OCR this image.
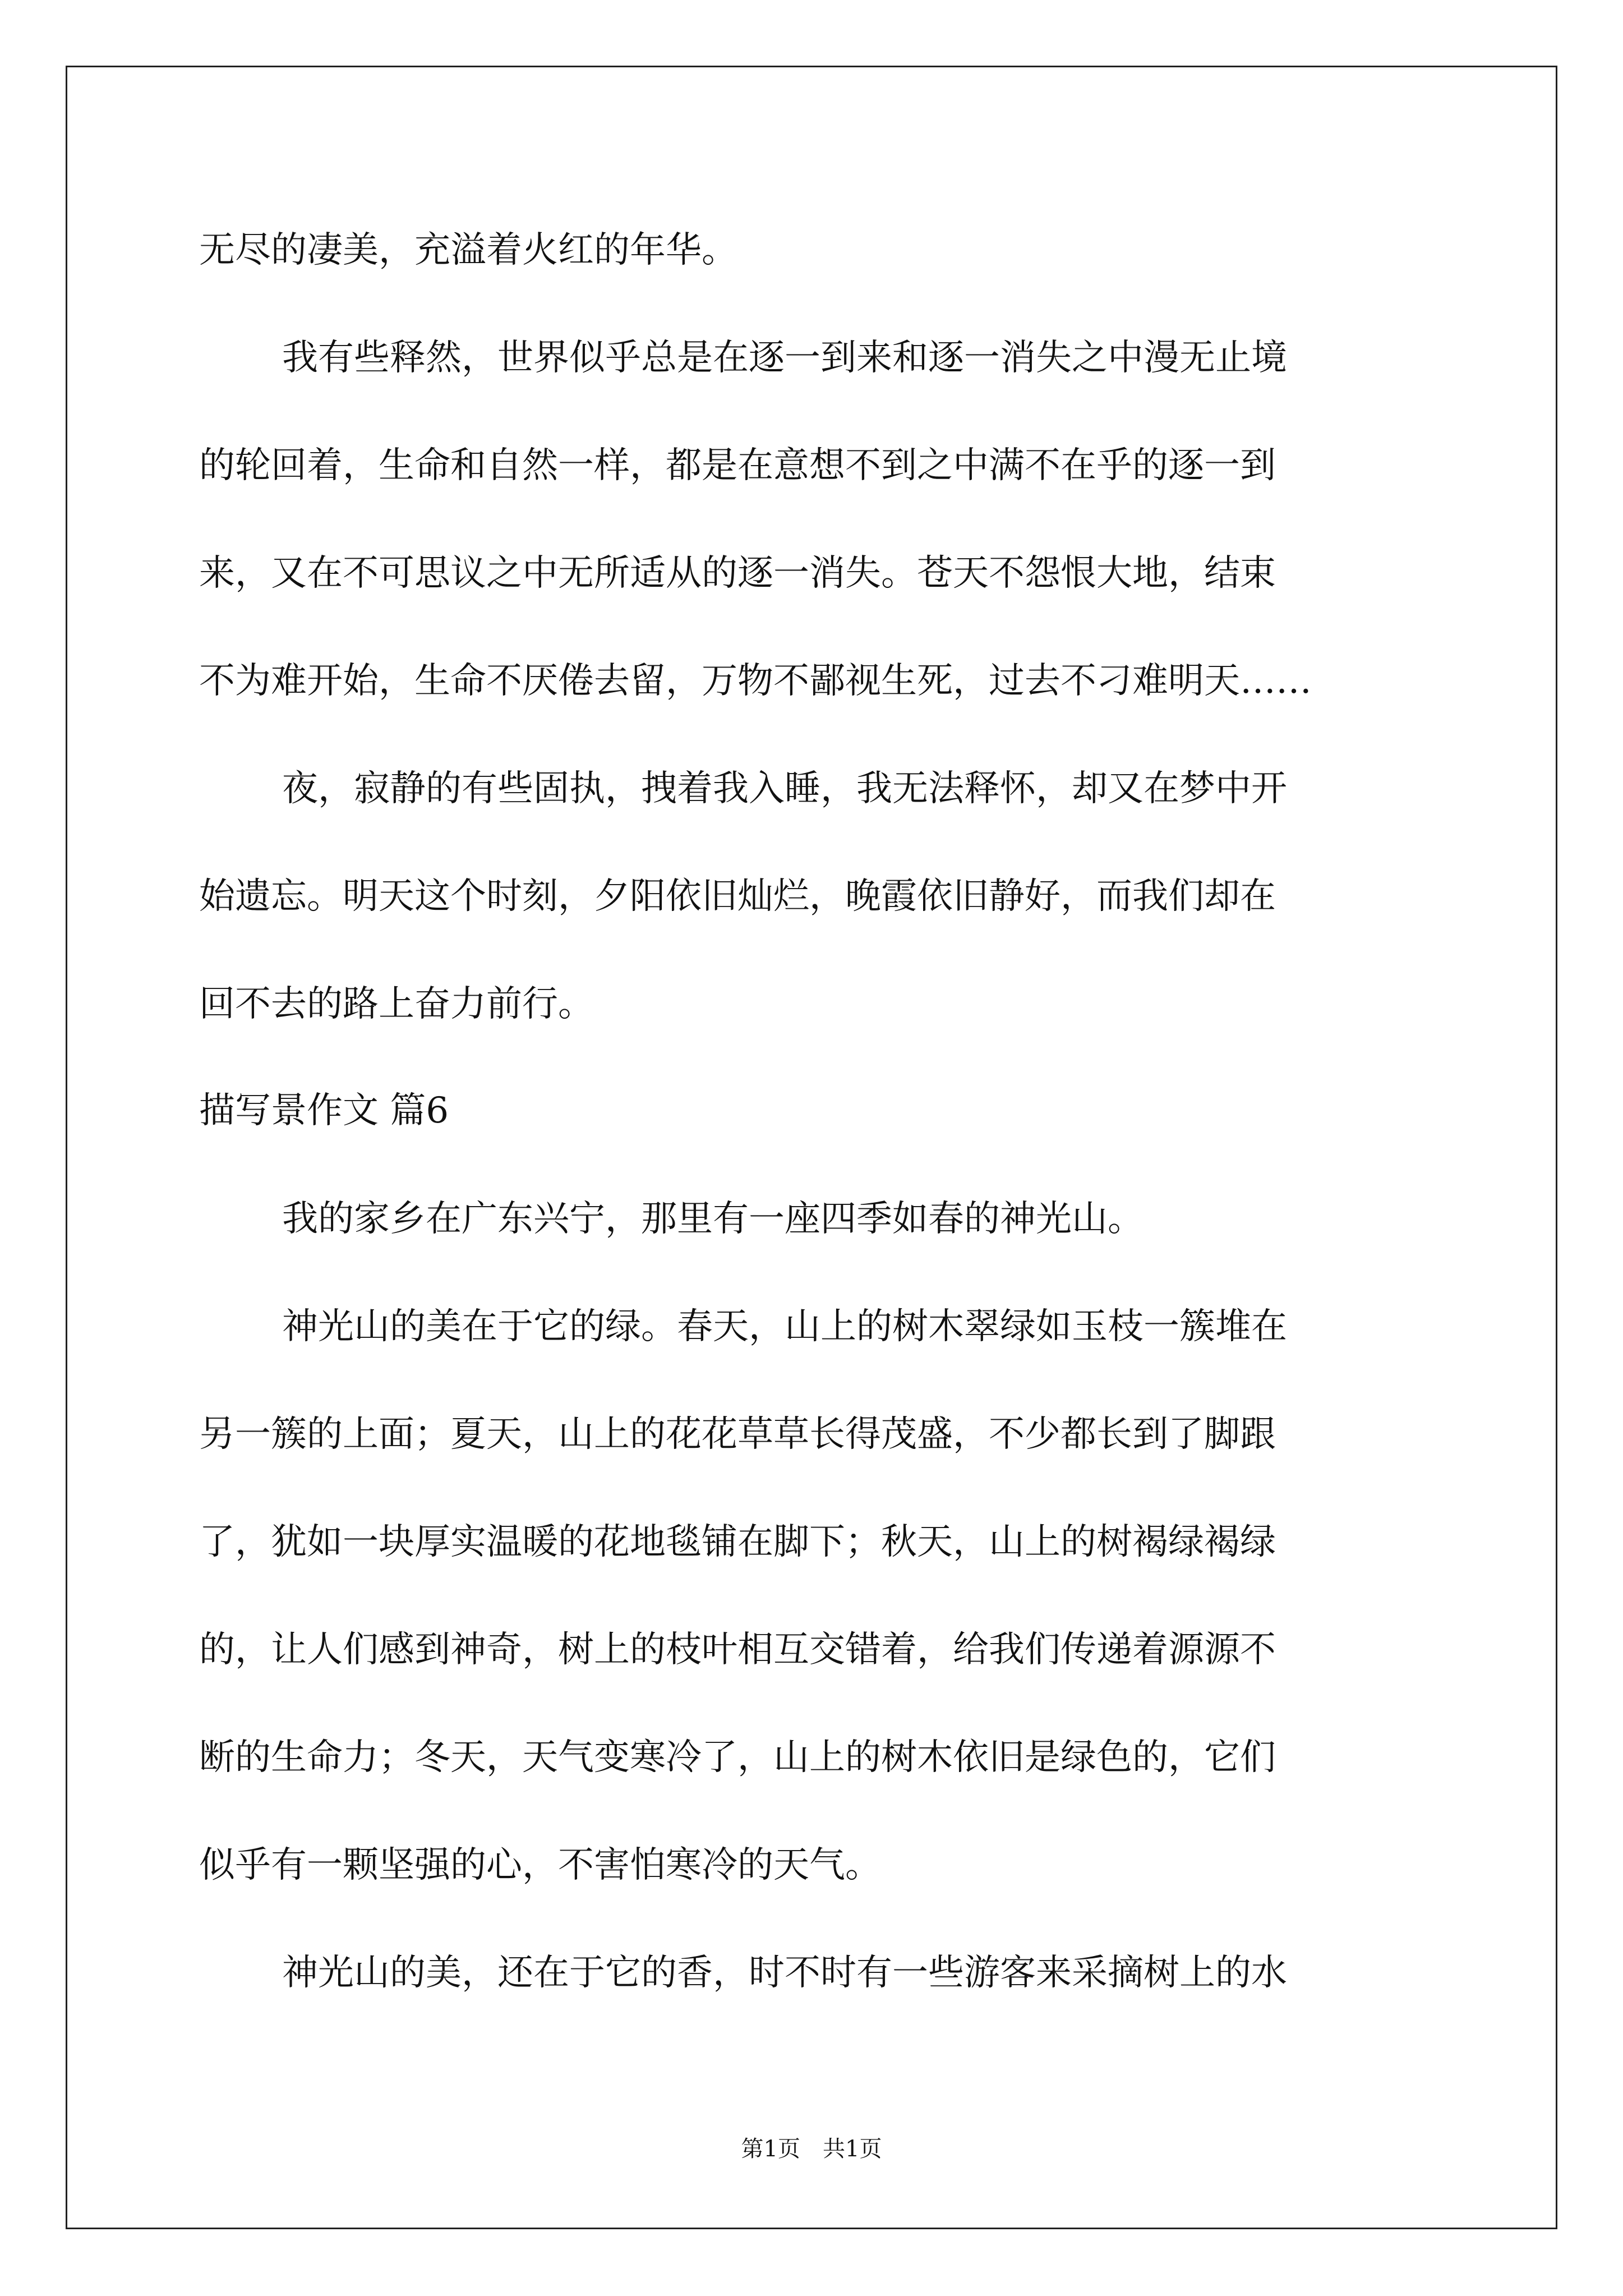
无尽的凄美，充溢着火红的年华。
我有些释然，世界似乎总是在逐一到来和逐一消失之中漫无止境
的轮回着，生命和自然一样，都是在意想不到之中满不在乎的逐一到
来，又在不可思议之中无所适从的逐一消失。苍天不怨恨大地，结束
不为难开始，生命不厌倦去留，万物不鄙视生死，过去不刁难明天……
夜，寂静的有些固执，拽着我入睡，我无法释怀，却又在梦中开
始遗忘。明天这个时刻，夕阳依旧灿烂，晚霞依旧静好，而我们却在
回不去的路上奋力前行。
描写景作文 篇6
我的家乡在广东兴宁，那里有一座四季如春的神光山。
神光山的美在于它的绿。春天，山上的树木翠绿如玉枝一簇堆在
另一簇的上面；夏天，山上的花花草草长得茂盛，不少都长到了脚跟
了，犹如一块厚实温暖的花地毯铺在脚下；秋天，山上的树褐绿褐绿
的，让人们感到神奇，树上的枝叶相互交错着，给我们传递着源源不
断的生命力；冬天，天气变寒冷了，山上的树木依旧是绿色的，它们
似乎有一颗坚强的心，不害怕寒冷的天气。
神光山的美，还在于它的香，时不时有一些游客来采摘树上的水
第1页　共1页
